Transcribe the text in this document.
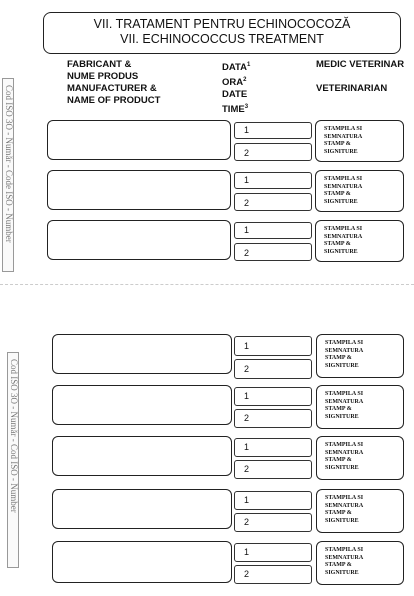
VII. TRATAMENT PENTRU ECHINOCOCOZĂ
VII. ECHINOCOCCUS TREATMENT
FABRICANT &
NUME PRODUS
MANUFACTURER &
NAME OF PRODUCT
DATA$^1$
ORA$^2$
DATE
TIME$^3$
MEDIC VETERINAR
VETERINARIAN
Cod ISO 3O - Număr - Code ISO - Number	1
2
STAMPILA SI
SEMNATURA
STAMP &
SIGNITURE
1
2
STAMPILA SI
SEMNATURA
STAMP &
SIGNITURE
1
2
STAMPILA SI
SEMNATURA
STAMP &
SIGNITURE
Cod ISO 3O - Număr - Cod ISO - Number
1
2
STAMPILA SI
SEMNATURA
STAMP &
SIGNITURE
1
2
STAMPILA SI
SEMNATURA
STAMP &
SIGNITURE
1
2
STAMPILA SI
SEMNATURA
STAMP &
SIGNITURE
1
2
STAMPILA SI
SEMNATURA
STAMP &
SIGNITURE
1
2
STAMPILA SI
SEMNATURA
STAMP &
SIGNITURE
